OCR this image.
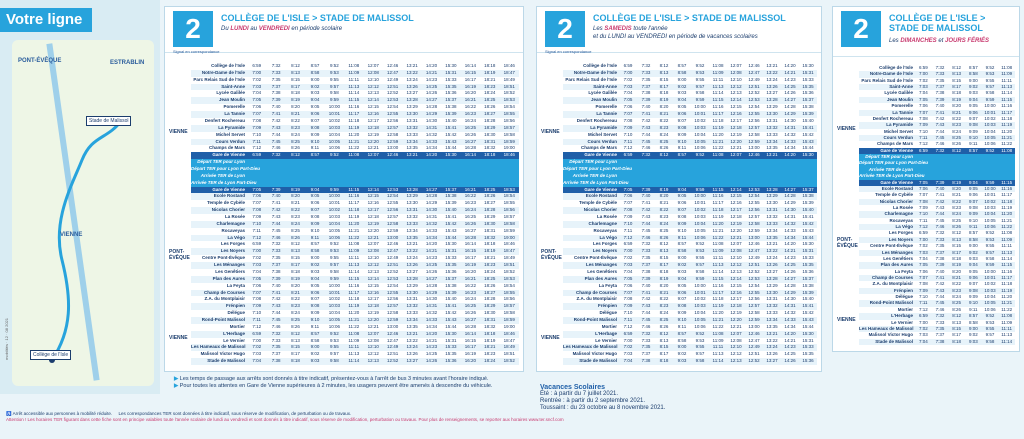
Votre ligne
PONT-ÉVÊQUE	ESTRABLIN
VIENNE
Stade de Malissol
Collège de l'Isle
mobilités · 12 · 08 2021
2	COLLÈGE DE L'ISLE > STADE DE MALISSOL
Du LUNDI au VENDREDI en période scolaire
Signal en correspondance
Collège de l'Isle	6:59	7:32	8:12	8:57	9:52	11:08	12:07	12:46	13:21	14:20	15:30	16:14	18:18	18:46
Notre-Dame de l'Isle	7:00	7:33	8:13	8:58	9:53	11:09	12:08	12:47	13:22	14:21	15:31	16:15	18:19	18:47
Parc Relais Sud de l'Isle	7:02	7:35	8:15	9:00	9:55	11:11	12:10	12:49	13:24	14:23	15:33	16:17	18:21	18:49
Saint-Anne	7:03	7:37	8:17	9:02	9:57	11:13	12:12	12:51	13:26	14:25	15:35	16:19	18:23	18:51
Lycée Galilée	7:04	7:38	8:18	9:03	9:58	11:14	12:13	12:52	13:27	14:26	15:36	16:20	18:24	18:52
Jean Moulin	7:05	7:39	8:19	9:04	9:59	11:15	12:14	12:53	13:28	14:27	15:37	16:21	18:25	18:53
Pomerelle	7:06	7:40	8:20	9:05	10:00	11:16	12:15	12:54	13:29	14:28	15:38	16:22	18:26	18:54
La Tannie	7:07	7:41	8:21	9:06	10:01	11:17	12:16	12:55	13:30	14:29	15:39	16:23	18:27	18:55
Denfert Rochereau	7:08	7:42	8:22	9:07	10:02	11:18	12:17	12:56	13:31	14:30	15:40	16:24	18:28	18:56
La Pyramide	7:09	7:43	8:23	9:08	10:03	11:19	12:18	12:57	13:32	14:31	15:41	16:25	18:29	18:57
Michel Servet	7:10	7:44	8:24	9:09	10:04	11:20	12:19	12:58	13:33	14:32	15:42	16:26	18:30	18:58
Cours Verdun	7:11	7:45	8:25	9:10	10:05	11:21	12:20	12:59	13:34	14:33	15:43	16:27	18:31	18:59
Champs de Mars	7:12	7:46	8:26	9:11	10:06	11:22	12:21	13:00	13:35	14:34	15:44	16:28	18:32	19:00
Gare de Vienne	6:59	7:32	8:12	8:57	9:52	11:08	12:07	12:46	13:21	14:20	15:30	16:14	18:18	18:46
Départ TER pour Lyon
Départ TER pour Lyon Part-Dieu
Arrivée TER de Lyon
Arrivée TER de Lyon Part-Dieu
Gare de Vienne	7:05	7:39	8:19	9:04	9:59	11:15	12:14	12:53	13:28	14:27	15:37	16:21	18:25	18:53
Ecole Rostand	7:06	7:40	8:20	9:05	10:00	11:16	12:15	12:54	13:29	14:28	15:38	16:22	18:26	18:54
Temple de Cybèle	7:07	7:41	8:21	9:06	10:01	11:17	12:16	12:55	13:30	14:29	15:39	16:23	18:27	18:55
Nicolas Chorier	7:08	7:42	8:22	9:07	10:02	11:18	12:17	12:56	13:31	14:30	15:40	16:24	18:28	18:56
La Rosée	7:09	7:43	8:23	9:08	10:03	11:19	12:18	12:57	13:32	14:31	15:41	16:25	18:29	18:57
Charlemagne	7:10	7:44	8:24	9:09	10:04	11:20	12:19	12:58	13:33	14:32	15:42	16:26	18:30	18:58
Rocaveyas	7:11	7:45	8:25	9:10	10:05	11:21	12:20	12:59	13:34	14:33	15:43	16:27	18:31	18:59
La Végo	7:12	7:46	8:26	9:11	10:06	11:22	12:21	13:00	13:35	14:34	15:44	16:28	18:32	19:00
Les Forges	6:59	7:32	8:12	8:57	9:52	11:08	12:07	12:46	13:21	14:20	15:30	16:14	18:18	18:46
Les Noyers	7:00	7:33	8:13	8:58	9:53	11:09	12:08	12:47	13:22	14:21	15:31	16:15	18:19	18:47
Centre Pont-Évêque	7:02	7:35	8:15	9:00	9:55	11:11	12:10	12:49	13:24	14:23	15:33	16:17	18:21	18:49
Les Ménanges	7:03	7:37	8:17	9:02	9:57	11:13	12:12	12:51	13:26	14:25	15:35	16:19	18:23	18:51
Les Genêtiers	7:04	7:38	8:18	9:03	9:58	11:14	12:13	12:52	13:27	14:26	15:36	16:20	18:24	18:52
Plan des Aures	7:05	7:39	8:19	9:04	9:59	11:15	12:14	12:53	13:28	14:27	15:37	16:21	18:25	18:53
La Feyta	7:06	7:40	8:20	9:05	10:00	11:16	12:15	12:54	13:29	14:28	15:38	16:22	18:26	18:54
Champ de Courses	7:07	7:41	8:21	9:06	10:01	11:17	12:16	12:55	13:30	14:29	15:39	16:23	18:27	18:55
Z.A. du Montplaisir	7:08	7:42	8:22	9:07	10:02	11:18	12:17	12:56	13:31	14:30	15:40	16:24	18:28	18:56
Frénpien	7:09	7:43	8:23	9:08	10:03	11:19	12:18	12:57	13:32	14:31	15:41	16:25	18:29	18:57
Délégue	7:10	7:44	8:24	9:09	10:04	11:20	12:19	12:58	13:33	14:32	15:42	16:26	18:30	18:58
Rond-Point Malissol	7:11	7:45	8:25	9:10	10:05	11:21	12:20	12:59	13:34	14:33	15:43	16:27	18:31	18:59
Mortier	7:12	7:46	8:26	9:11	10:06	11:22	12:21	13:00	13:35	14:34	15:44	16:28	18:32	19:00
L'Herbage	6:59	7:32	8:12	8:57	9:52	11:08	12:07	12:46	13:21	14:20	15:30	16:14	18:18	18:46
Le Vernier	7:00	7:33	8:13	8:58	9:53	11:09	12:08	12:47	13:22	14:21	15:31	16:15	18:19	18:47
Les Hameaux de Malissol	7:02	7:35	8:15	9:00	9:55	11:11	12:10	12:49	13:24	14:23	15:33	16:17	18:21	18:49
Malissol Victor Hugo	7:03	7:37	8:17	9:02	9:57	11:13	12:12	12:51	13:26	14:25	15:35	16:19	18:23	18:51
Stade de Malissol	7:04	7:38	8:18	9:03	9:58	11:14	12:13	12:52	13:27	14:26	15:36	16:20	18:24	18:52
VIENNE
PONT-ÉVÊQUE
VIENNE
2	COLLÈGE DE L'ISLE > STADE DE MALISSOL
Les SAMEDIS toute l'année
et du LUNDI au VENDREDI en période de vacances scolaires
Signal en correspondance
Collège de l'Isle	6:59	7:32	8:12	8:57	9:52	11:08	12:07	12:46	13:21	14:20	15:30
Notre-Dame de l'Isle	7:00	7:33	8:13	8:58	9:53	11:09	12:08	12:47	13:22	14:21	15:31
Parc Relais Sud de l'Isle	7:02	7:35	8:15	9:00	9:55	11:11	12:10	12:49	13:24	14:23	15:33
Saint-Anne	7:03	7:37	8:17	9:02	9:57	11:13	12:12	12:51	13:26	14:25	15:35
Lycée Galilée	7:04	7:38	8:18	9:03	9:58	11:14	12:13	12:52	13:27	14:26	15:36
Jean Moulin	7:05	7:39	8:19	9:04	9:59	11:15	12:14	12:53	13:28	14:27	15:37
Pomerelle	7:06	7:40	8:20	9:05	10:00	11:16	12:15	12:54	13:29	14:28	15:38
La Tannie	7:07	7:41	8:21	9:06	10:01	11:17	12:16	12:55	13:30	14:29	15:39
Denfert Rochereau	7:08	7:42	8:22	9:07	10:02	11:18	12:17	12:56	13:31	14:30	15:40
La Pyramide	7:09	7:43	8:23	9:08	10:03	11:19	12:18	12:57	13:32	14:31	15:41
Michel Servet	7:10	7:44	8:24	9:09	10:04	11:20	12:19	12:58	13:33	14:32	15:42
Cours Verdun	7:11	7:45	8:25	9:10	10:05	11:21	12:20	12:59	13:34	14:33	15:43
Champs de Mars	7:12	7:46	8:26	9:11	10:06	11:22	12:21	13:00	13:35	14:34	15:44
Gare de Vienne	6:59	7:32	8:12	8:57	9:52	11:08	12:07	12:46	13:21	14:20	15:30
Départ TER pour Lyon
Départ TER pour Lyon Part-Dieu
Arrivée TER de Lyon
Arrivée TER de Lyon Part-Dieu
Gare de Vienne	7:05	7:39	8:19	9:04	9:59	11:15	12:14	12:53	13:28	14:27	15:37
Ecole Rostand	7:06	7:40	8:20	9:05	10:00	11:16	12:15	12:54	13:29	14:28	15:38
Temple de Cybèle	7:07	7:41	8:21	9:06	10:01	11:17	12:16	12:55	13:30	14:29	15:39
Nicolas Chorier	7:08	7:42	8:22	9:07	10:02	11:18	12:17	12:56	13:31	14:30	15:40
La Rosée	7:09	7:43	8:23	9:08	10:03	11:19	12:18	12:57	13:32	14:31	15:41
Charlemagne	7:10	7:44	8:24	9:09	10:04	11:20	12:19	12:58	13:33	14:32	15:42
Rocaveyas	7:11	7:45	8:25	9:10	10:05	11:21	12:20	12:59	13:34	14:33	15:43
La Végo	7:12	7:46	8:26	9:11	10:06	11:22	12:21	13:00	13:35	14:34	15:44
Les Forges	6:59	7:32	8:12	8:57	9:52	11:08	12:07	12:46	13:21	14:20	15:30
Les Noyers	7:00	7:33	8:13	8:58	9:53	11:09	12:08	12:47	13:22	14:21	15:31
Centre Pont-Évêque	7:02	7:35	8:15	9:00	9:55	11:11	12:10	12:49	13:24	14:23	15:33
Les Ménanges	7:03	7:37	8:17	9:02	9:57	11:13	12:12	12:51	13:26	14:25	15:35
Les Genêtiers	7:04	7:38	8:18	9:03	9:58	11:14	12:13	12:52	13:27	14:26	15:36
Plan des Aures	7:05	7:39	8:19	9:04	9:59	11:15	12:14	12:53	13:28	14:27	15:37
La Feyta	7:06	7:40	8:20	9:05	10:00	11:16	12:15	12:54	13:29	14:28	15:38
Champ de Courses	7:07	7:41	8:21	9:06	10:01	11:17	12:16	12:55	13:30	14:29	15:39
Z.A. du Montplaisir	7:08	7:42	8:22	9:07	10:02	11:18	12:17	12:56	13:31	14:30	15:40
Frénpien	7:09	7:43	8:23	9:08	10:03	11:19	12:18	12:57	13:32	14:31	15:41
Délégue	7:10	7:44	8:24	9:09	10:04	11:20	12:19	12:58	13:33	14:32	15:42
Rond-Point Malissol	7:11	7:45	8:25	9:10	10:05	11:21	12:20	12:59	13:34	14:33	15:43
Mortier	7:12	7:46	8:26	9:11	10:06	11:22	12:21	13:00	13:35	14:34	15:44
L'Herbage	6:59	7:32	8:12	8:57	9:52	11:08	12:07	12:46	13:21	14:20	15:30
Le Vernier	7:00	7:33	8:13	8:58	9:53	11:09	12:08	12:47	13:22	14:21	15:31
Les Hameaux de Malissol	7:02	7:35	8:15	9:00	9:55	11:11	12:10	12:49	13:24	14:23	15:33
Malissol Victor Hugo	7:03	7:37	8:17	9:02	9:57	11:13	12:12	12:51	13:26	14:25	15:35
Stade de Malissol	7:04	7:38	8:18	9:03	9:58	11:14	12:13	12:52	13:27	14:26	15:36
VIENNE
PONT-ÉVÊQUE
VIENNE
2	COLLÈGE DE L'ISLE > STADE DE MALISSOL
Les DIMANCHES et JOURS FÉRIÉS
Collège de l'Isle	6:59	7:32	8:12	8:57	9:52	11:08
Notre-Dame de l'Isle	7:00	7:33	8:13	8:58	9:53	11:09
Parc Relais Sud de l'Isle	7:02	7:35	8:15	9:00	9:55	11:11
Saint-Anne	7:03	7:37	8:17	9:02	9:57	11:13
Lycée Galilée	7:04	7:38	8:18	9:03	9:58	11:14
Jean Moulin	7:05	7:39	8:19	9:04	9:59	11:15
Pomerelle	7:06	7:40	8:20	9:05	10:00	11:16
La Tannie	7:07	7:41	8:21	9:06	10:01	11:17
Denfert Rochereau	7:08	7:42	8:22	9:07	10:02	11:18
La Pyramide	7:09	7:43	8:23	9:08	10:03	11:19
Michel Servet	7:10	7:44	8:24	9:09	10:04	11:20
Cours Verdun	7:11	7:45	8:25	9:10	10:05	11:21
Champs de Mars	7:12	7:46	8:26	9:11	10:06	11:22
Gare de Vienne	6:59	7:32	8:12	8:57	9:52	11:08
Départ TER pour Lyon
Départ TER pour Lyon Part-Dieu
Arrivée TER de Lyon
Arrivée TER de Lyon Part-Dieu
Gare de Vienne	7:05	7:39	8:19	9:04	9:59	11:15
Ecole Rostand	7:06	7:40	8:20	9:05	10:00	11:16
Temple de Cybèle	7:07	7:41	8:21	9:06	10:01	11:17
Nicolas Chorier	7:08	7:42	8:22	9:07	10:02	11:18
La Rosée	7:09	7:43	8:23	9:08	10:03	11:19
Charlemagne	7:10	7:44	8:24	9:09	10:04	11:20
Rocaveyas	7:11	7:45	8:25	9:10	10:05	11:21
La Végo	7:12	7:46	8:26	9:11	10:06	11:22
Les Forges	6:59	7:32	8:12	8:57	9:52	11:08
Les Noyers	7:00	7:33	8:13	8:58	9:53	11:09
Centre Pont-Évêque	7:02	7:35	8:15	9:00	9:55	11:11
Les Ménanges	7:03	7:37	8:17	9:02	9:57	11:13
Les Genêtiers	7:04	7:38	8:18	9:03	9:58	11:14
Plan des Aures	7:05	7:39	8:19	9:04	9:59	11:15
La Feyta	7:06	7:40	8:20	9:05	10:00	11:16
Champ de Courses	7:07	7:41	8:21	9:06	10:01	11:17
Z.A. du Montplaisir	7:08	7:42	8:22	9:07	10:02	11:18
Frénpien	7:09	7:43	8:23	9:08	10:03	11:19
Délégue	7:10	7:44	8:24	9:09	10:04	11:20
Rond-Point Malissol	7:11	7:45	8:25	9:10	10:05	11:21
Mortier	7:12	7:46	8:26	9:11	10:06	11:22
L'Herbage	6:59	7:32	8:12	8:57	9:52	11:08
Le Vernier	7:00	7:33	8:13	8:58	9:53	11:09
Les Hameaux de Malissol	7:02	7:35	8:15	9:00	9:55	11:11
Malissol Victor Hugo	7:03	7:37	8:17	9:02	9:57	11:13
Stade de Malissol	7:04	7:38	8:18	9:03	9:58	11:14
VIENNE
PONT-ÉVÊQUE
VIENNE
▶ Les temps de passage aux arrêts sont donnés à titre indicatif, présentez-vous à l'arrêt de bus 3 minutes avant l'horaire indiqué.
▶ Pour toutes les attentes en Gare de Vienne supérieures à 2 minutes, les usagers peuvent être amenés à descendre du véhicule.	Vacances Scolaires
Été : à partir du 7 juillet 2021.
Rentrée : à partir du 2 septembre 2021.
Toussaint : du 23 octobre au 8 novembre 2021.
♿ Arrêt accessible aux personnes à mobilité réduite. Les correspondances TER sont données à titre indicatif, sous réserve de modification, de perturbation ou de travaux.
Attention ! Les horaires TER figurant dans cette fiche sont en principe valables toute l'année scolaire de lundi au vendredi et sont donnés à titre indicatif, sous réserve de modification, perturbation ou travaux. Pour plus de renseignements, se reporter aux horaires www.ter.sncf.com
